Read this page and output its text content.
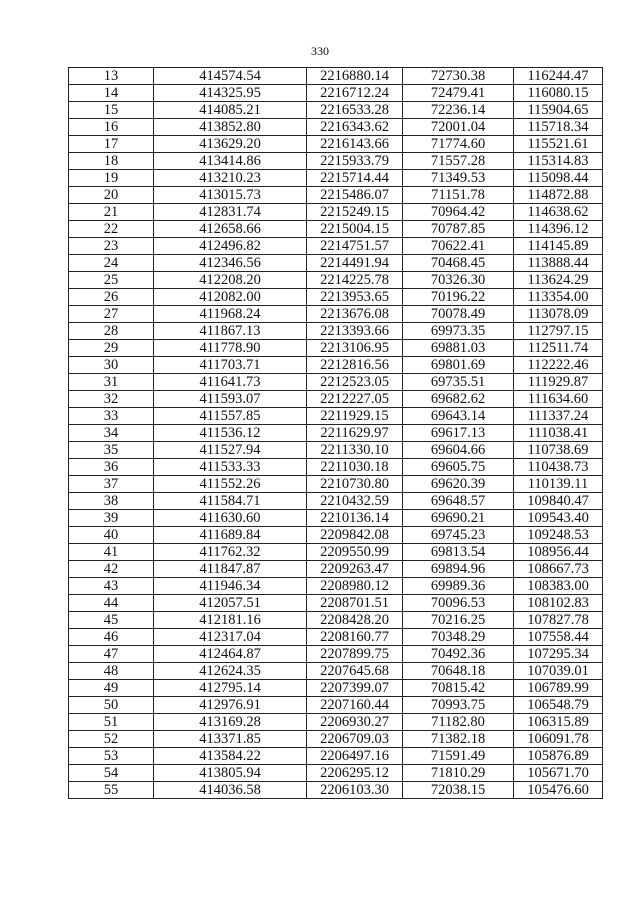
330
13	414574.54	2216880.14	72730.38	116244.47
14	414325.95	2216712.24	72479.41	116080.15
15	414085.21	2216533.28	72236.14	115904.65
16	413852.80	2216343.62	72001.04	115718.34
17	413629.20	2216143.66	71774.60	115521.61
18	413414.86	2215933.79	71557.28	115314.83
19	413210.23	2215714.44	71349.53	115098.44
20	413015.73	2215486.07	71151.78	114872.88
21	412831.74	2215249.15	70964.42	114638.62
22	412658.66	2215004.15	70787.85	114396.12
23	412496.82	2214751.57	70622.41	114145.89
24	412346.56	2214491.94	70468.45	113888.44
25	412208.20	2214225.78	70326.30	113624.29
26	412082.00	2213953.65	70196.22	113354.00
27	411968.24	2213676.08	70078.49	113078.09
28	411867.13	2213393.66	69973.35	112797.15
29	411778.90	2213106.95	69881.03	112511.74
30	411703.71	2212816.56	69801.69	112222.46
31	411641.73	2212523.05	69735.51	111929.87
32	411593.07	2212227.05	69682.62	111634.60
33	411557.85	2211929.15	69643.14	111337.24
34	411536.12	2211629.97	69617.13	111038.41
35	411527.94	2211330.10	69604.66	110738.69
36	411533.33	2211030.18	69605.75	110438.73
37	411552.26	2210730.80	69620.39	110139.11
38	411584.71	2210432.59	69648.57	109840.47
39	411630.60	2210136.14	69690.21	109543.40
40	411689.84	2209842.08	69745.23	109248.53
41	411762.32	2209550.99	69813.54	108956.44
42	411847.87	2209263.47	69894.96	108667.73
43	411946.34	2208980.12	69989.36	108383.00
44	412057.51	2208701.51	70096.53	108102.83
45	412181.16	2208428.20	70216.25	107827.78
46	412317.04	2208160.77	70348.29	107558.44
47	412464.87	2207899.75	70492.36	107295.34
48	412624.35	2207645.68	70648.18	107039.01
49	412795.14	2207399.07	70815.42	106789.99
50	412976.91	2207160.44	70993.75	106548.79
51	413169.28	2206930.27	71182.80	106315.89
52	413371.85	2206709.03	71382.18	106091.78
53	413584.22	2206497.16	71591.49	105876.89
54	413805.94	2206295.12	71810.29	105671.70
55	414036.58	2206103.30	72038.15	105476.60
